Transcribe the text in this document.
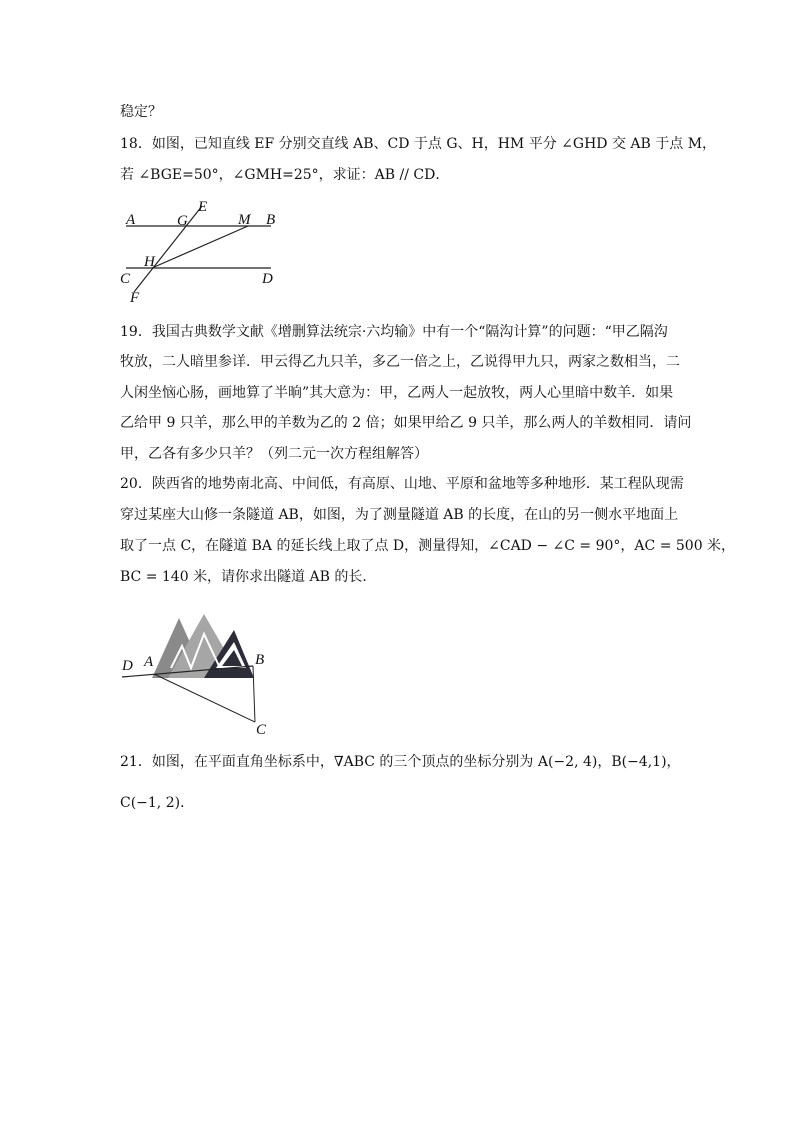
稳定？
18．如图，已知直线 EF 分别交直线 AB、CD 于点 G、H，HM 平分 ∠GHD 交 AB 于点 M，
若 ∠BGE=50°，∠GMH=25°，求证：AB // CD．
A	G
E
M B
H
C	D
F
19．我国古典数学文献《增删算法统宗·六均输》中有一个“隔沟计算”的问题：“甲乙隔沟
牧放，二人暗里参详．甲云得乙九只羊，多乙一倍之上，乙说得甲九只，两家之数相当，二
人闲坐恼心肠，画地算了半晌”其大意为：甲，乙两人一起放牧，两人心里暗中数羊．如果
乙给甲 9 只羊，那么甲的羊数为乙的 2 倍；如果甲给乙 9 只羊，那么两人的羊数相同．请问
甲，乙各有多少只羊？（列二元一次方程组解答）
20．陕西省的地势南北高、中间低，有高原、山地、平原和盆地等多种地形．某工程队现需
穿过某座大山修一条隧道 AB，如图，为了测量隧道 AB 的长度，在山的另一侧水平地面上
取了一点 C，在隧道 BA 的延长线上取了点 D，测量得知，∠CAD − ∠C = 90°，AC = 500 米，
BC = 140 米，请你求出隧道 AB 的长．
D A	B
C
21．如图，在平面直角坐标系中，∇ABC 的三个顶点的坐标分别为 A(−2, 4)，B(−4,1)，
C(−1, 2)．
